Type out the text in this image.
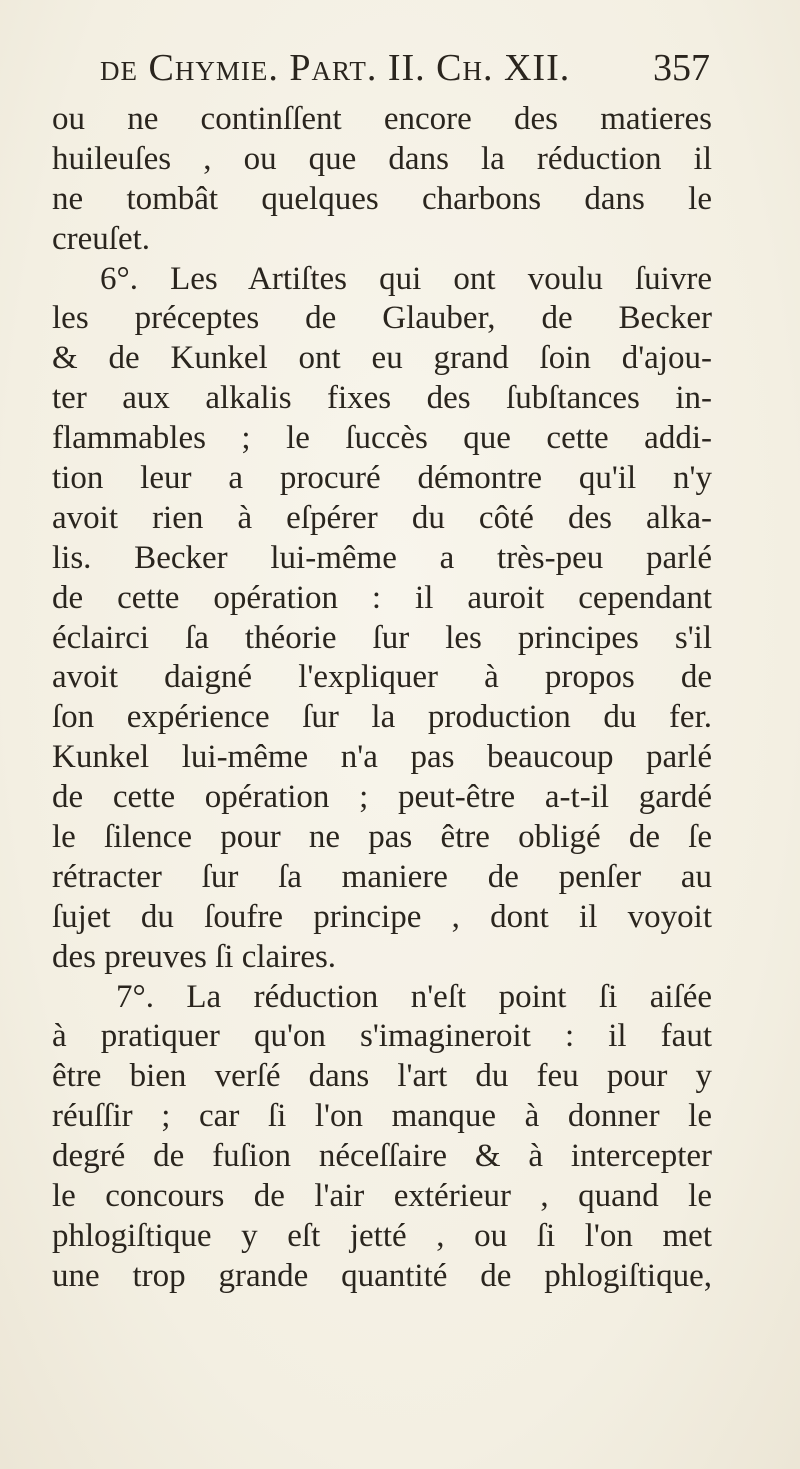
de Chymie. Part. II. Ch. XII. 357
ou ne continſſent encore des matieres
huileuſes , ou que dans la réduction il
ne tombât quelques charbons dans le
creuſet.
6°. Les Artiſtes qui ont voulu ſuivre
les préceptes de Glauber, de Becker
& de Kunkel ont eu grand ſoin d'ajou-
ter aux alkalis fixes des ſubſtances in-
flammables ; le ſuccès que cette addi-
tion leur a procuré démontre qu'il n'y
avoit rien à eſpérer du côté des alka-
lis. Becker lui-même a très-peu parlé
de cette opération : il auroit cependant
éclairci ſa théorie ſur les principes s'il
avoit daigné l'expliquer à propos de
ſon expérience ſur la production du fer.
Kunkel lui-même n'a pas beaucoup parlé
de cette opération ; peut-être a-t-il gardé
le ſilence pour ne pas être obligé de ſe
rétracter ſur ſa maniere de penſer au
ſujet du ſoufre principe , dont il voyoit
des preuves ſi claires.
7°. La réduction n'eſt point ſi aiſée
à pratiquer qu'on s'imagineroit : il faut
être bien verſé dans l'art du feu pour y
réuſſir ; car ſi l'on manque à donner le
degré de fuſion néceſſaire & à intercepter
le concours de l'air extérieur , quand le
phlogiſtique y eſt jetté , ou ſi l'on met
une trop grande quantité de phlogiſtique,
